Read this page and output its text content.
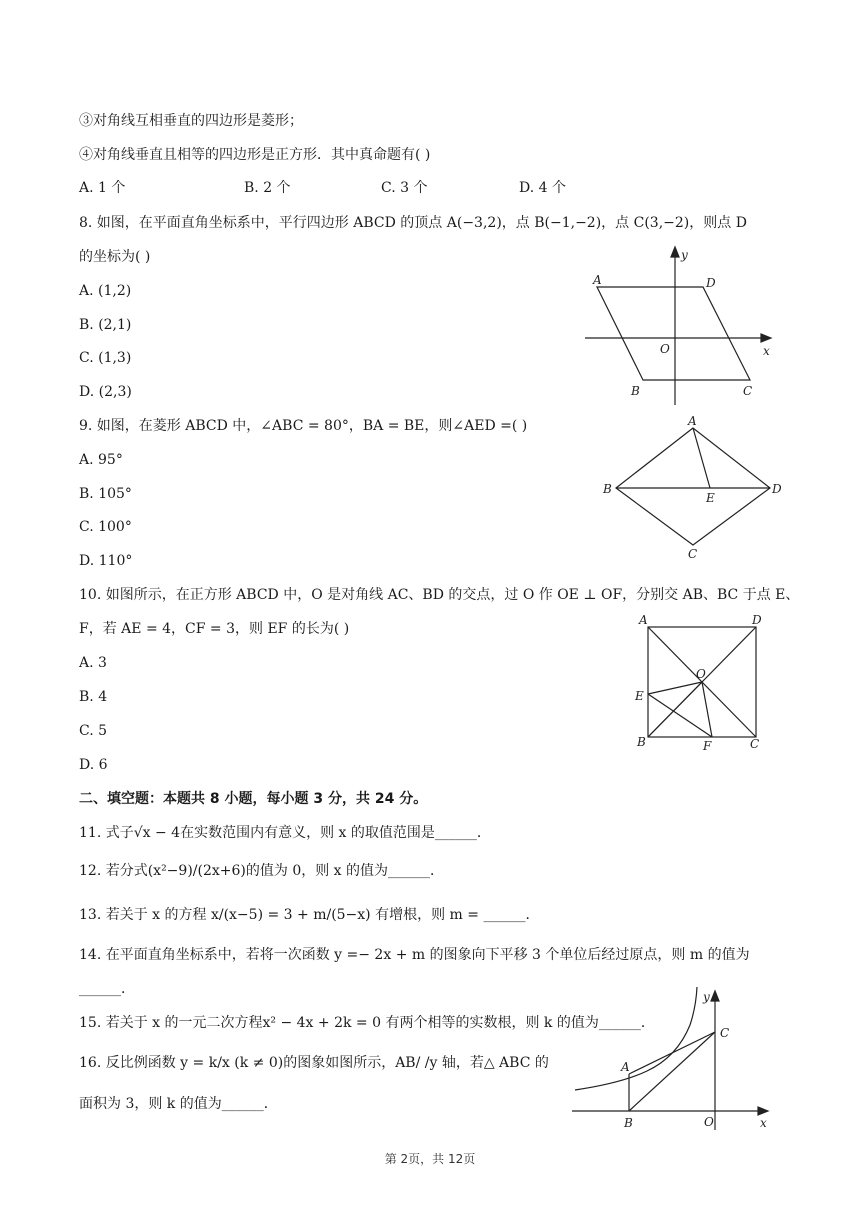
③对角线互相垂直的四边形是菱形；
④对角线垂直且相等的四边形是正方形．其中真命题有( )
A. 1 个	B. 2 个	C. 3 个	D. 4 个
8. 如图，在平面直角坐标系中，平行四边形 ABCD 的顶点 A(−3,2)，点 B(−1,−2)，点 C(3,−2)，则点 D
的坐标为( )
A. (1,2)
B. (2,1)
C. (1,3)
D. (2,3)
A	D
B	C
O	x
y
9. 如图，在菱形 ABCD 中，∠ABC = 80°，BA = BE，则∠AED =( )
A. 95°
B. 105°
C. 100°
D. 110°
A
B	D
E
C
10. 如图所示，在正方形 ABCD 中，O 是对角线 AC、BD 的交点，过 O 作 OE ⊥ OF，分别交 AB、BC 于点 E、
F，若 AE = 4，CF = 3，则 EF 的长为( )
A. 3
B. 4
C. 5
D. 6
A	D
O
E
B	F	C
二、填空题：本题共 8 小题，每小题 3 分，共 24 分。
11. 式子√x − 4在实数范围内有意义，则 x 的取值范围是______．
12. 若分式(x²−9)/(2x+6)的值为 0，则 x 的值为______．
13. 若关于 x 的方程 x/(x−5) = 3 + m/(5−x) 有增根，则 m = ______．
14. 在平面直角坐标系中，若将一次函数 y =− 2x + m 的图象向下平移 3 个单位后经过原点，则 m 的值为
______．
15. 若关于 x 的一元二次方程x² − 4x + 2k = 0 有两个相等的实数根，则 k 的值为______．
16. 反比例函数 y = k/x (k ≠ 0)的图象如图所示，AB/ /y 轴，若△ ABC 的
面积为 3，则 k 的值为______．
A
B
C
O	x
y
第 2页，共 12页
